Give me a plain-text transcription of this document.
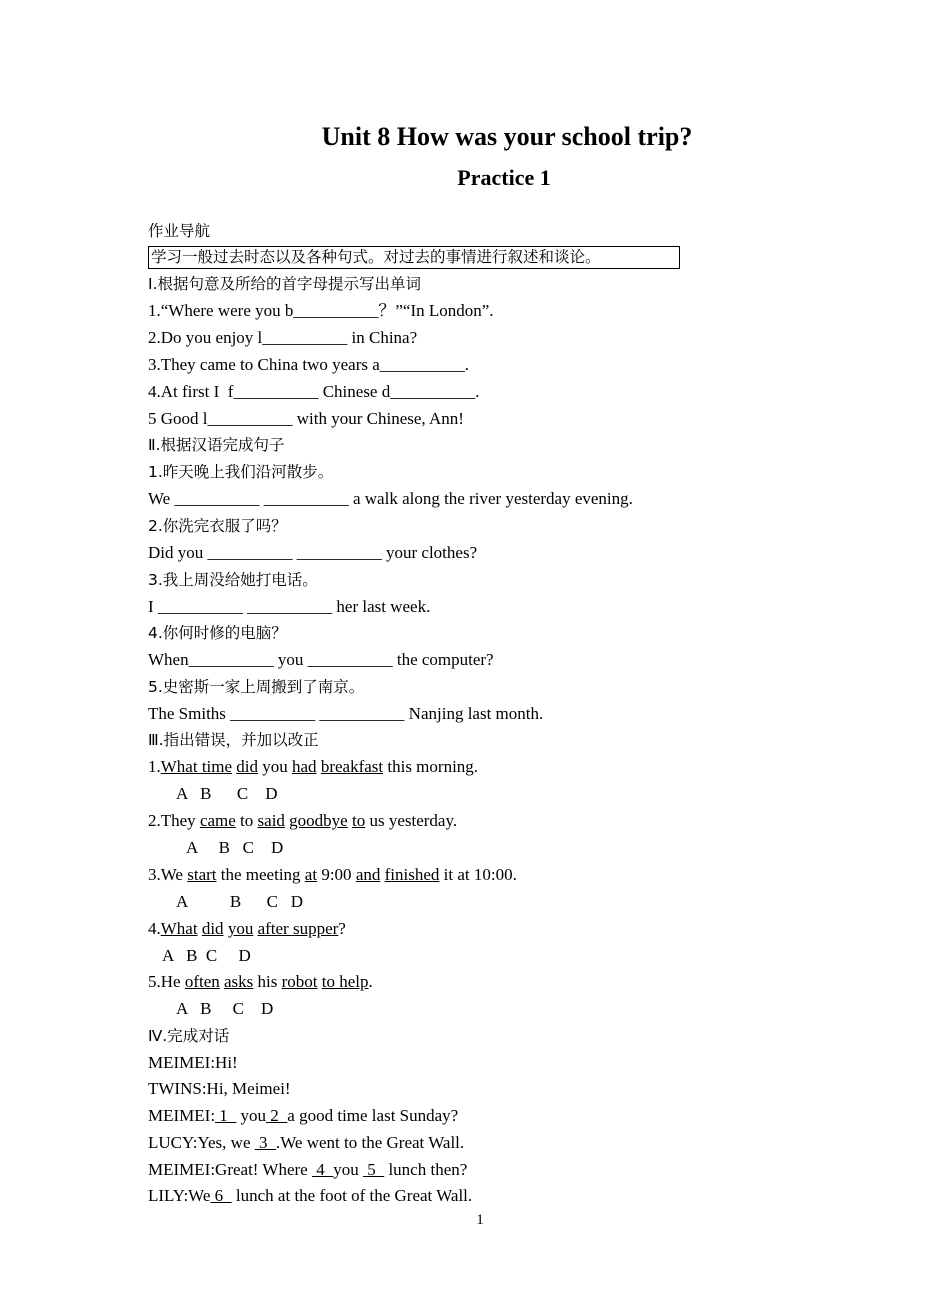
Unit 8 How was your school trip?
Practice 1
作业导航
学习一般过去时态以及各种句式。对过去的事情进行叙述和谈论。
Ⅰ.根据句意及所给的首字母提示写出单词
1.“Where were you b__________？”“In London”.
2.Do you enjoy l__________ in China?
3.They came to China two years a__________.
4.At first I  f__________ Chinese d__________.
5 Good l__________ with your Chinese, Ann!
Ⅱ.根据汉语完成句子
1.昨天晚上我们沿河散步。
We __________ __________ a walk along the river yesterday evening.
2.你洗完衣服了吗？
Did you __________ __________ your clothes?
3.我上周没给她打电话。
I __________ __________ her last week.
4.你何时修的电脑？
When__________ you __________ the computer?
5.史密斯一家上周搬到了南京。
The Smiths __________ __________ Nanjing last month.
Ⅲ.指出错误，并加以改正
1.What time did you had breakfast this morning.
A   B      C    D
2.They came to said goodbye to us yesterday.
A     B   C    D
3.We start the meeting at 9:00 and finished it at 10:00.
A          B      C   D
4.What did you after supper?
A   B  C     D
5.He often asks his robot to help.
A   B     C    D
Ⅳ.完成对话
MEIMEI:Hi!
TWINS:Hi, Meimei!
MEIMEI: 1   you 2  a good time last Sunday?
LUCY:Yes, we  3  .We went to the Great Wall.
MEIMEI:Great! Where  4  you  5   lunch then?
LILY:We 6   lunch at the foot of the Great Wall.
1
